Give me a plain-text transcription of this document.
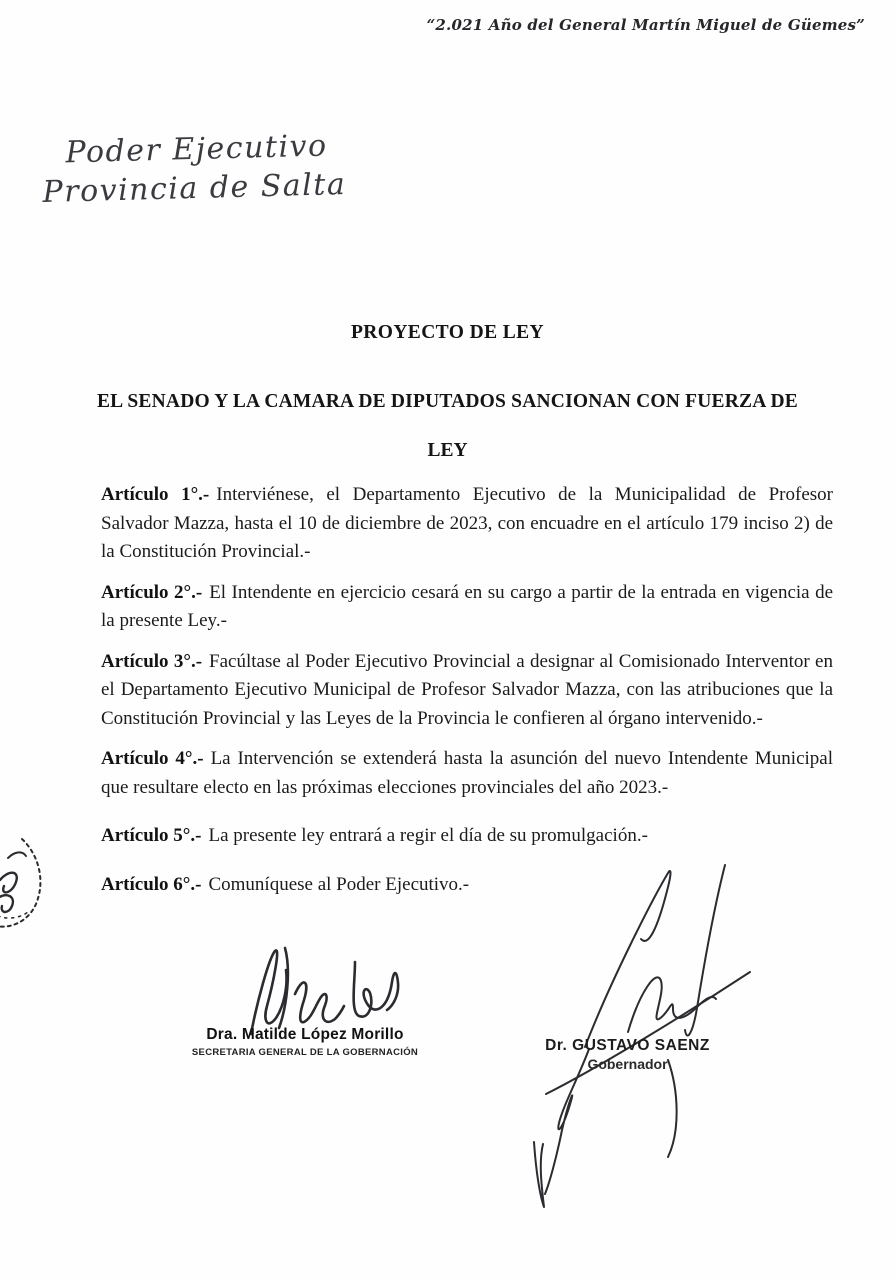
“2.021 Año del General Martín Miguel de Güemes”
Poder Ejecutivo
Provincia de Salta
PROYECTO DE LEY
EL SENADO Y LA CAMARA DE DIPUTADOS SANCIONAN CON FUERZA DE
LEY

Artículo 1°.- Interviénese, el Departamento Ejecutivo de la Municipalidad de Profesor Salvador Mazza, hasta el 10 de diciembre de 2023, con encuadre en el artículo 179 inciso 2) de la Constitución Provincial.-

Artículo 2°.- El Intendente en ejercicio cesará en su cargo a partir de la entrada en vigencia de la presente Ley.-

Artículo 3°.- Facúltase al Poder Ejecutivo Provincial a designar al Comisionado Interventor en el Departamento Ejecutivo Municipal de Profesor Salvador Mazza, con las atribuciones que la Constitución Provincial y las Leyes de la Provincia le confieren al órgano intervenido.-

Artículo 4°.- La Intervención se extenderá hasta la asunción del nuevo Intendente Municipal que resultare electo en las próximas elecciones provinciales del año 2023.-

Artículo 5°.- La presente ley entrará a regir el día de su promulgación.-

Artículo 6°.- Comuníquese al Poder Ejecutivo.-

Dra. Matilde López Morillo
SECRETARIA GENERAL DE LA GOBERNACIÓN	Dr. GUSTAVO SAENZ
Gobernador
